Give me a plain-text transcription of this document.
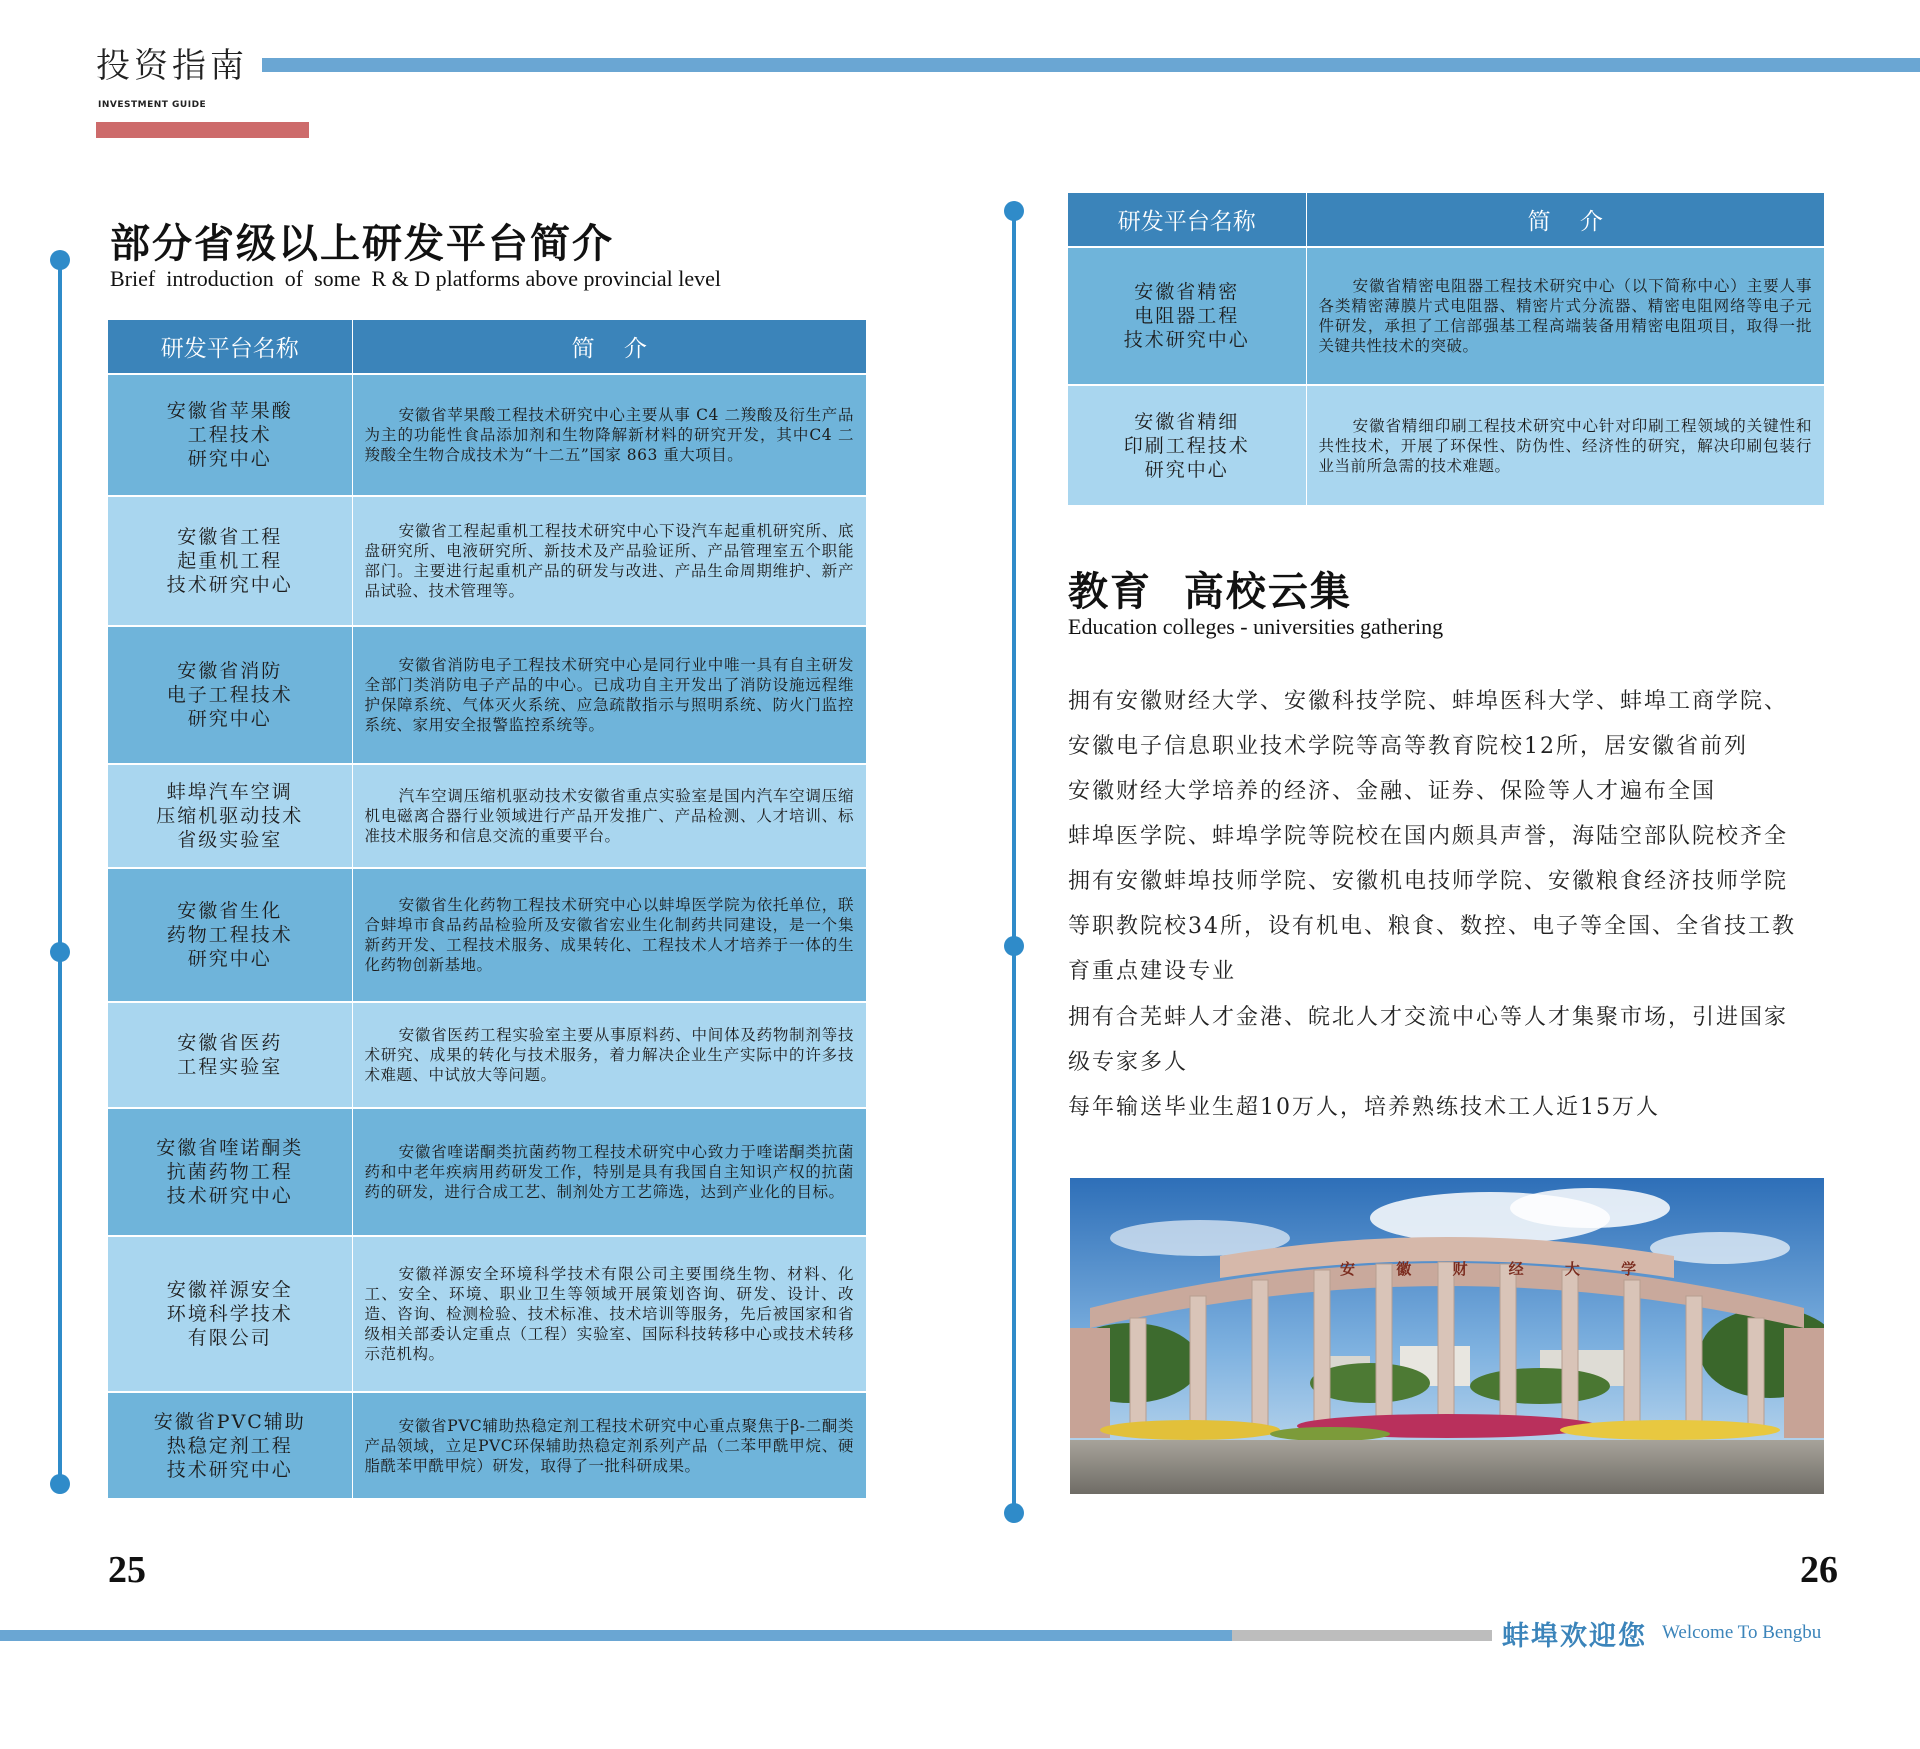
投资指南
INVESTMENT GUIDE
部分省级以上研发平台简介
Brief  introduction  of  some  R & D platforms above provincial level
研发平台名称	简    介
安徽省苹果酸
工程技术
研究中心	安徽省苹果酸工程技术研究中心主要从事 C4 二羧酸及衍生产品为主的功能性食品添加剂和生物降解新材料的研究开发，其中C4 二羧酸全生物合成技术为“十二五”国家 863 重大项目。
安徽省工程
起重机工程
技术研究中心	安徽省工程起重机工程技术研究中心下设汽车起重机研究所、底盘研究所、电液研究所、新技术及产品验证所、产品管理室五个职能部门。主要进行起重机产品的研发与改进、产品生命周期维护、新产品试验、技术管理等。
安徽省消防
电子工程技术
研究中心	安徽省消防电子工程技术研究中心是同行业中唯一具有自主研发全部门类消防电子产品的中心。已成功自主开发出了消防设施远程维护保障系统、气体灭火系统、应急疏散指示与照明系统、防火门监控系统、家用安全报警监控系统等。
蚌埠汽车空调
压缩机驱动技术
省级实验室	汽车空调压缩机驱动技术安徽省重点实验室是国内汽车空调压缩机电磁离合器行业领域进行产品开发推广、产品检测、人才培训、标准技术服务和信息交流的重要平台。
安徽省生化
药物工程技术
研究中心	安徽省生化药物工程技术研究中心以蚌埠医学院为依托单位，联合蚌埠市食品药品检验所及安徽省宏业生化制药共同建设，是一个集新药开发、工程技术服务、成果转化、工程技术人才培养于一体的生化药物创新基地。
安徽省医药
工程实验室	安徽省医药工程实验室主要从事原料药、中间体及药物制剂等技术研究、成果的转化与技术服务，着力解决企业生产实际中的许多技术难题、中试放大等问题。
安徽省喹诺酮类
抗菌药物工程
技术研究中心	安徽省喹诺酮类抗菌药物工程技术研究中心致力于喹诺酮类抗菌药和中老年疾病用药研发工作，特别是具有我国自主知识产权的抗菌药的研发，进行合成工艺、制剂处方工艺筛选，达到产业化的目标。
安徽祥源安全
环境科学技术
有限公司	安徽祥源安全环境科学技术有限公司主要围绕生物、材料、化工、安全、环境、职业卫生等领域开展策划咨询、研发、设计、改造、咨询、检测检验、技术标准、技术培训等服务，先后被国家和省级相关部委认定重点（工程）实验室、国际科技转移中心或技术转移示范机构。
安徽省PVC辅助
热稳定剂工程
技术研究中心	安徽省PVC辅助热稳定剂工程技术研究中心重点聚焦于β-二酮类产品领域，立足PVC环保辅助热稳定剂系列产品（二苯甲酰甲烷、硬脂酰苯甲酰甲烷）研发，取得了一批科研成果。
研发平台名称	简    介
安徽省精密
电阻器工程
技术研究中心	安徽省精密电阻器工程技术研究中心（以下简称中心）主要人事各类精密薄膜片式电阻器、精密片式分流器、精密电阻网络等电子元件研发，承担了工信部强基工程高端装备用精密电阻项目，取得一批关键共性技术的突破。
安徽省精细
印刷工程技术
研究中心	安徽省精细印刷工程技术研究中心针对印刷工程领域的关键性和共性技术，开展了环保性、防伪性、经济性的研究，解决印刷包装行业当前所急需的技术难题。
教育  高校云集
Education colleges - universities gathering
拥有安徽财经大学、安徽科技学院、蚌埠医科大学、蚌埠工商学院、
安徽电子信息职业技术学院等高等教育院校12所，居安徽省前列
安徽财经大学培养的经济、金融、证券、保险等人才遍布全国
蚌埠医学院、蚌埠学院等院校在国内颇具声誉，海陆空部队院校齐全
拥有安徽蚌埠技师学院、安徽机电技师学院、安徽粮食经济技师学院
等职教院校34所，设有机电、粮食、数控、电子等全国、全省技工教
育重点建设专业
拥有合芜蚌人才金港、皖北人才交流中心等人才集聚市场，引进国家
级专家多人
每年输送毕业生超10万人，培养熟练技术工人近15万人
安 徽 财 经 大 学
25	26
蚌埠欢迎您 Welcome To Bengbu
